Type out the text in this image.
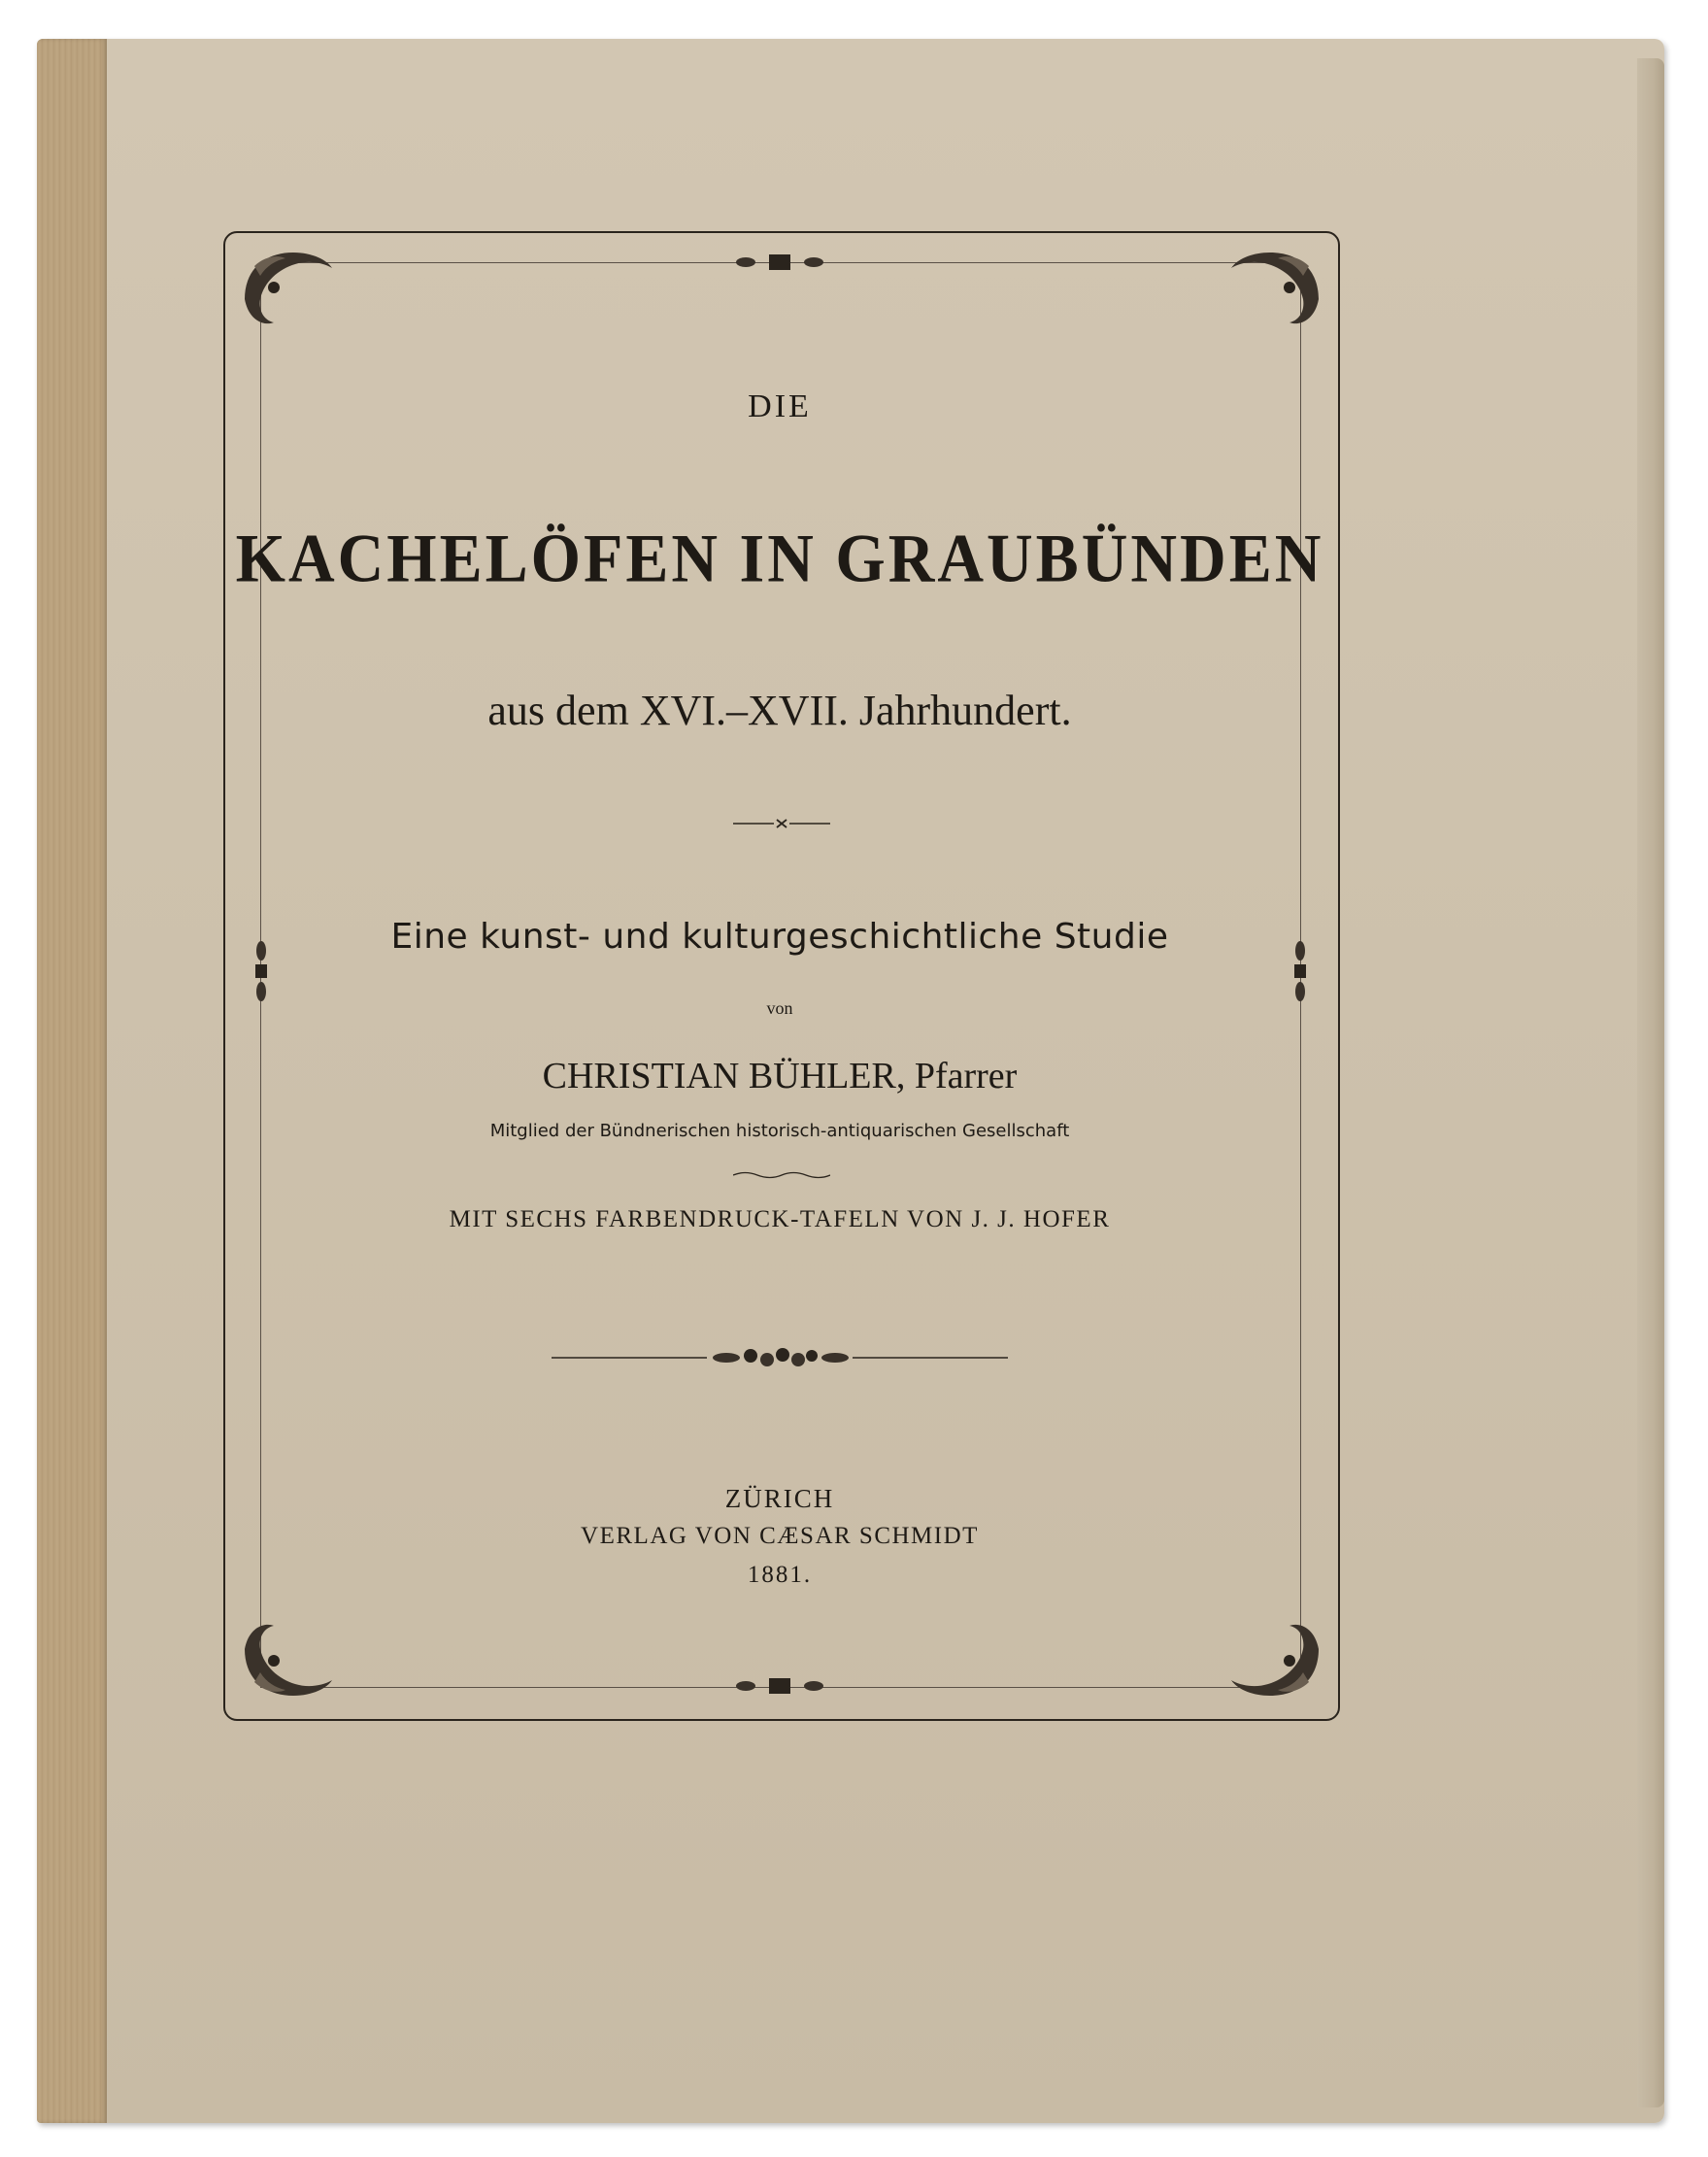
DIE
KACHELÖFEN IN GRAUBÜNDEN
aus dem XVI.–XVII. Jahrhundert.
Eine kunst- und kulturgeschichtliche Studie
von
CHRISTIAN BÜHLER, Pfarrer
Mitglied der Bündnerischen historisch-antiquarischen Gesellschaft
MIT SECHS FARBENDRUCK-TAFELN VON J. J. HOFER
ZÜRICH
VERLAG VON CÆSAR SCHMIDT
1881.
